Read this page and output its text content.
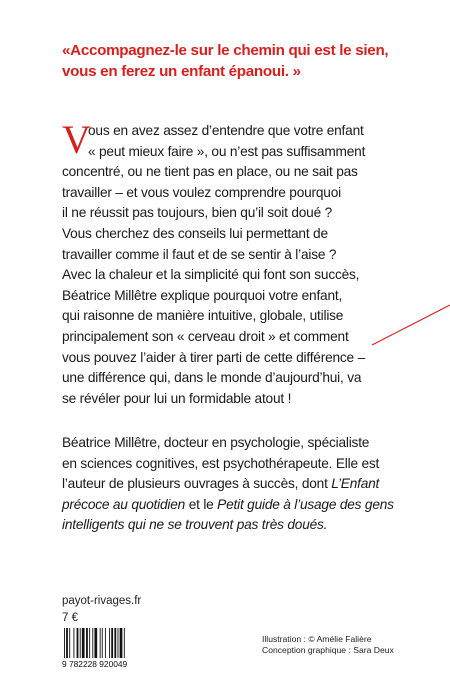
«Accompagnez-le sur le chemin qui est le sien,
vous en ferez un enfant épanoui. »
V
ous en avez assez d’entendre que votre enfant
« peut mieux faire », ou n’est pas suffisamment
concentré, ou ne tient pas en place, ou ne sait pas
travailler – et vous voulez comprendre pourquoi
il ne réussit pas toujours, bien qu’il soit doué ?
Vous cherchez des conseils lui permettant de
travailler comme il faut et de se sentir à l’aise ?
Avec la chaleur et la simplicité qui font son succès,
Béatrice Millêtre explique pourquoi votre enfant,
qui raisonne de manière intuitive, globale, utilise
principalement son « cerveau droit » et comment
vous pouvez l’aider à tirer parti de cette différence –
une différence qui, dans le monde d’aujourd’hui, va
se révéler pour lui un formidable atout !
Béatrice Millêtre, docteur en psychologie, spécialiste
en sciences cognitives, est psychothérapeute. Elle est
l’auteur de plusieurs ouvrages à succès, dont L’Enfant
précoce au quotidien et le Petit guide à l’usage des gens
intelligents qui ne se trouvent pas très doués.
payot-rivages.fr
7 €
9 782228 920049
Illustration : © Amélie Falière
Conception graphique : Sara Deux
